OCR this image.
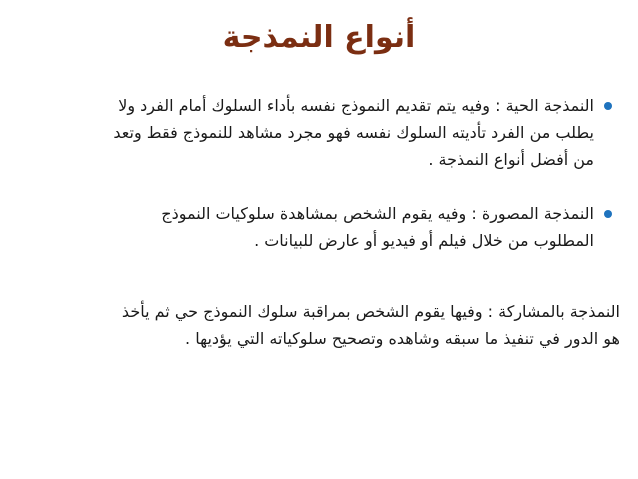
أنواع النمذجة

النمذجة الحية : وفيه يتم تقديم النموذج نفسه بأداء السلوك أمام الفرد ولا
يطلب من الفرد تأديته السلوك نفسه فهو مجرد مشاهد للنموذج فقط وتعد
من أفضل أنواع النمذجة .

النمذجة المصورة : وفيه يقوم الشخص بمشاهدة سلوكيات النموذج
المطلوب من خلال فيلم أو فيديو أو عارض للبيانات .

النمذجة بالمشاركة : وفيها يقوم الشخص بمراقبة سلوك النموذج حي ثم يأخذ
هو الدور في تنفيذ ما سبقه وشاهده وتصحيح سلوكياته التي يؤديها .
